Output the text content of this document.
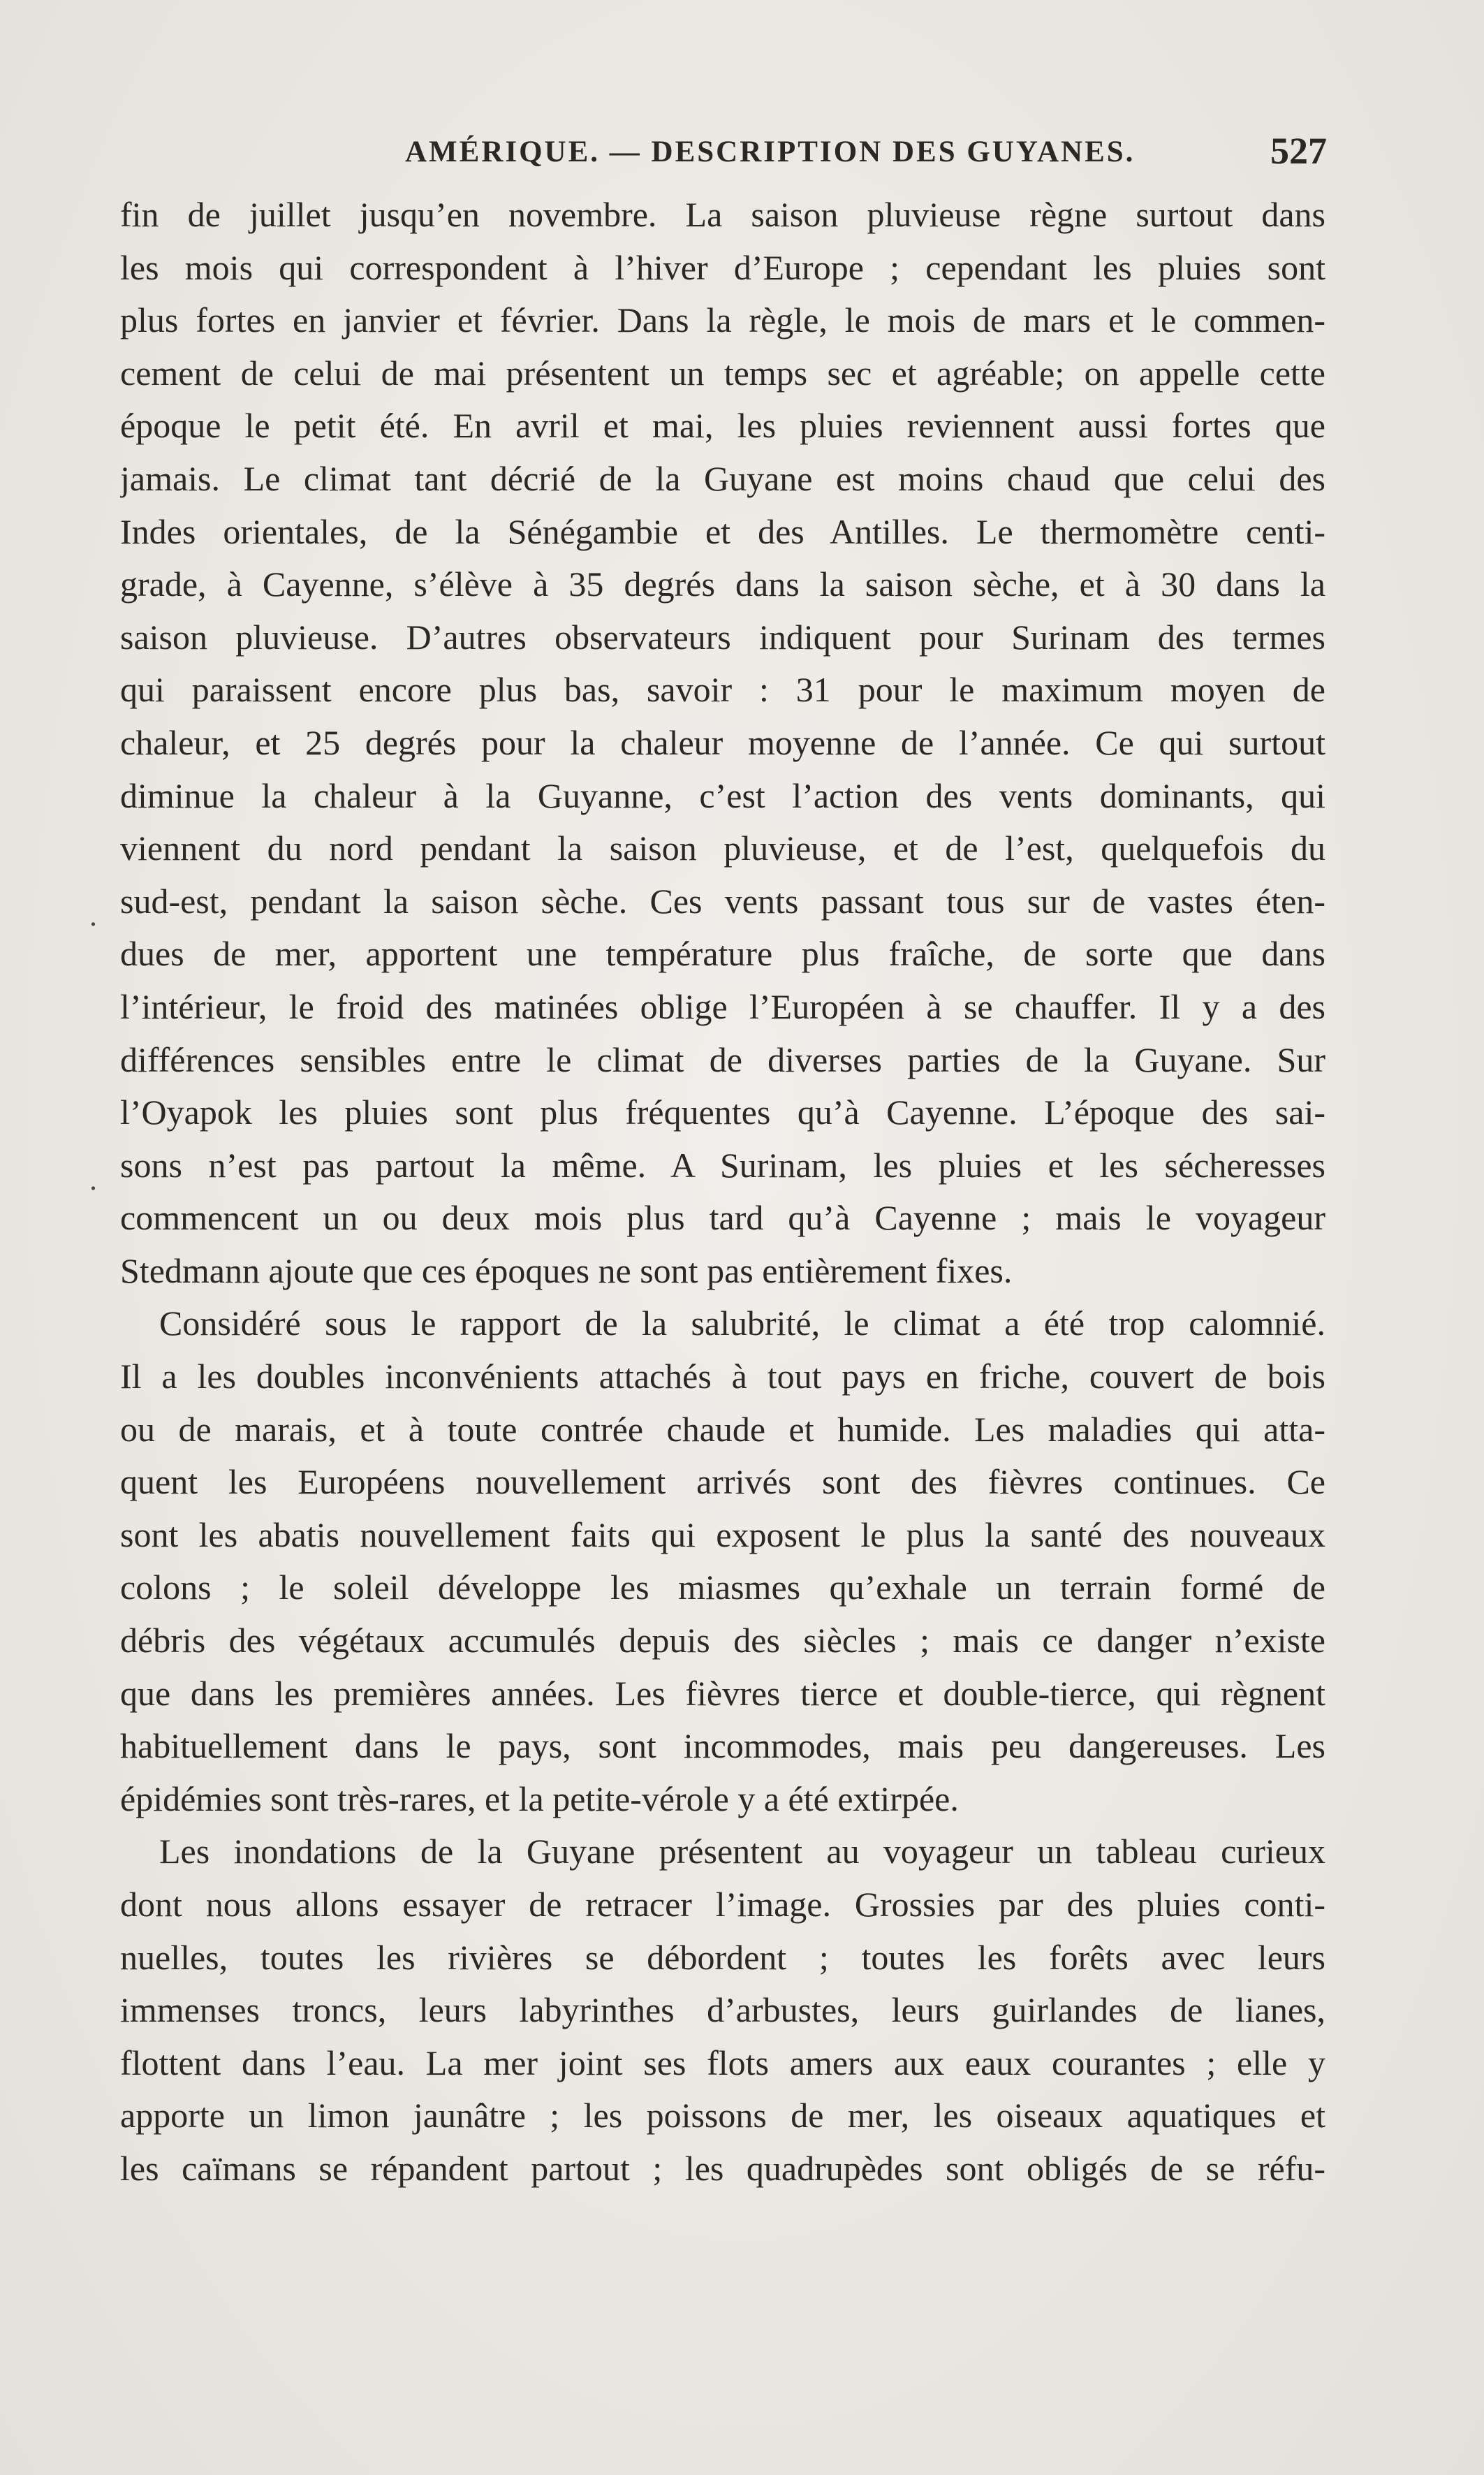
AMÉRIQUE. — DESCRIPTION DES GUYANES.	527
.
.
fin de juillet jusqu’en novembre. La saison pluvieuse règne surtout dans
les mois qui correspondent à l’hiver d’Europe ; cependant les pluies sont
plus fortes en janvier et février. Dans la règle, le mois de mars et le commen-
cement de celui de mai présentent un temps sec et agréable; on appelle cette
époque le petit été. En avril et mai, les pluies reviennent aussi fortes que
jamais. Le climat tant décrié de la Guyane est moins chaud que celui des
Indes orientales, de la Sénégambie et des Antilles. Le thermomètre centi-
grade, à Cayenne, s’élève à 35 degrés dans la saison sèche, et à 30 dans la
saison pluvieuse. D’autres observateurs indiquent pour Surinam des termes
qui paraissent encore plus bas, savoir : 31 pour le maximum moyen de
chaleur, et 25 degrés pour la chaleur moyenne de l’année. Ce qui surtout
diminue la chaleur à la Guyanne, c’est l’action des vents dominants, qui
viennent du nord pendant la saison pluvieuse, et de l’est, quelquefois du
sud-est, pendant la saison sèche. Ces vents passant tous sur de vastes éten-
dues de mer, apportent une température plus fraîche, de sorte que dans
l’intérieur, le froid des matinées oblige l’Européen à se chauffer. Il y a des
différences sensibles entre le climat de diverses parties de la Guyane. Sur
l’Oyapok les pluies sont plus fréquentes qu’à Cayenne. L’époque des sai-
sons n’est pas partout la même. A Surinam, les pluies et les sécheresses
commencent un ou deux mois plus tard qu’à Cayenne ; mais le voyageur
Stedmann ajoute que ces époques ne sont pas entièrement fixes.
Considéré sous le rapport de la salubrité, le climat a été trop calomnié.
Il a les doubles inconvénients attachés à tout pays en friche, couvert de bois
ou de marais, et à toute contrée chaude et humide. Les maladies qui atta-
quent les Européens nouvellement arrivés sont des fièvres continues. Ce
sont les abatis nouvellement faits qui exposent le plus la santé des nouveaux
colons ; le soleil développe les miasmes qu’exhale un terrain formé de
débris des végétaux accumulés depuis des siècles ; mais ce danger n’existe
que dans les premières années. Les fièvres tierce et double-tierce, qui règnent
habituellement dans le pays, sont incommodes, mais peu dangereuses. Les
épidémies sont très-rares, et la petite-vérole y a été extirpée.
Les inondations de la Guyane présentent au voyageur un tableau curieux
dont nous allons essayer de retracer l’image. Grossies par des pluies conti-
nuelles, toutes les rivières se débordent ; toutes les forêts avec leurs
immenses troncs, leurs labyrinthes d’arbustes, leurs guirlandes de lianes,
flottent dans l’eau. La mer joint ses flots amers aux eaux courantes ; elle y
apporte un limon jaunâtre ; les poissons de mer, les oiseaux aquatiques et
les caïmans se répandent partout ; les quadrupèdes sont obligés de se réfu-
